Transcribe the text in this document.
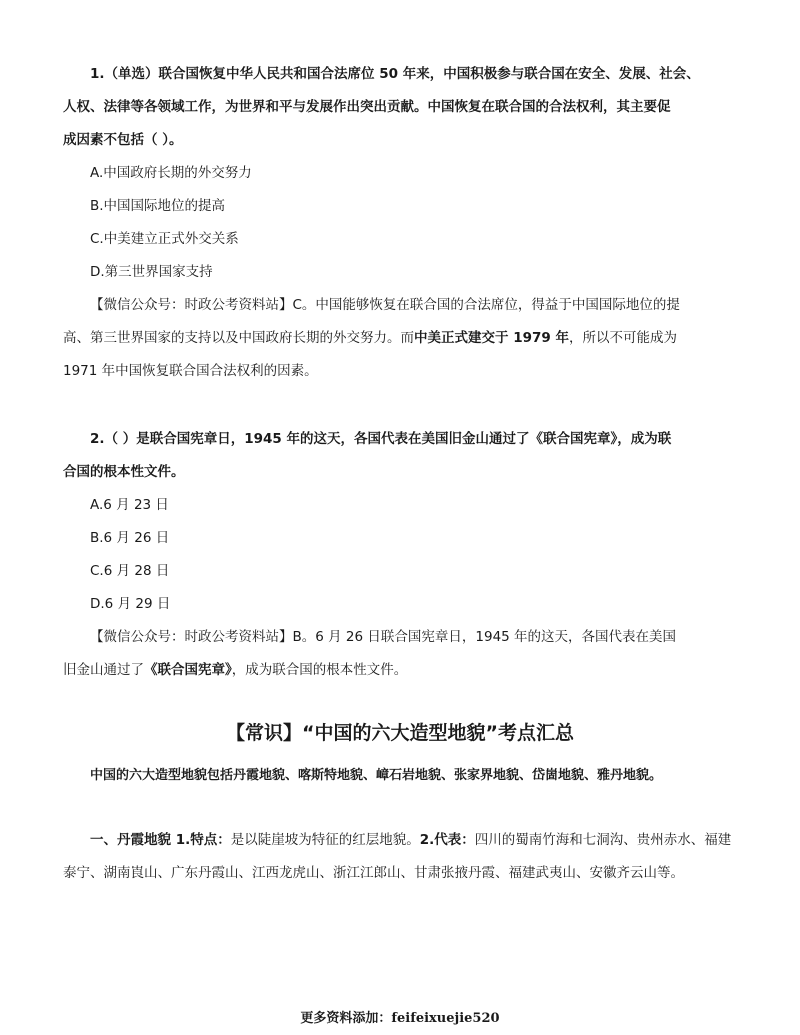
1.（单选）联合国恢复中华人民共和国合法席位 50 年来，中国积极参与联合国在安全、发展、社会、
人权、法律等各领域工作，为世界和平与发展作出突出贡献。中国恢复在联合国的合法权利，其主要促
成因素不包括（ ）。
A.中国政府长期的外交努力
B.中国国际地位的提高
C.中美建立正式外交关系
D.第三世界国家支持
【微信公众号：时政公考资料站】C。中国能够恢复在联合国的合法席位，得益于中国国际地位的提
高、第三世界国家的支持以及中国政府长期的外交努力。而中美正式建交于 1979 年，所以不可能成为
1971 年中国恢复联合国合法权利的因素。
2.（ ）是联合国宪章日，1945 年的这天，各国代表在美国旧金山通过了《联合国宪章》，成为联
合国的根本性文件。
A.6 月 23 日
B.6 月 26 日
C.6 月 28 日
D.6 月 29 日
【微信公众号：时政公考资料站】B。6 月 26 日联合国宪章日，1945 年的这天，各国代表在美国
旧金山通过了《联合国宪章》，成为联合国的根本性文件。
【常识】“中国的六大造型地貌”考点汇总
中国的六大造型地貌包括丹霞地貌、喀斯特地貌、嶂石岩地貌、张家界地貌、岱崮地貌、雅丹地貌。
一、丹霞地貌 1.特点：是以陡崖坡为特征的红层地貌。2.代表：四川的蜀南竹海和七洞沟、贵州赤水、福建
泰宁、湖南崀山、广东丹霞山、江西龙虎山、浙江江郎山、甘肃张掖丹霞、福建武夷山、安徽齐云山等。
更多资料添加：feifeixuejie520
